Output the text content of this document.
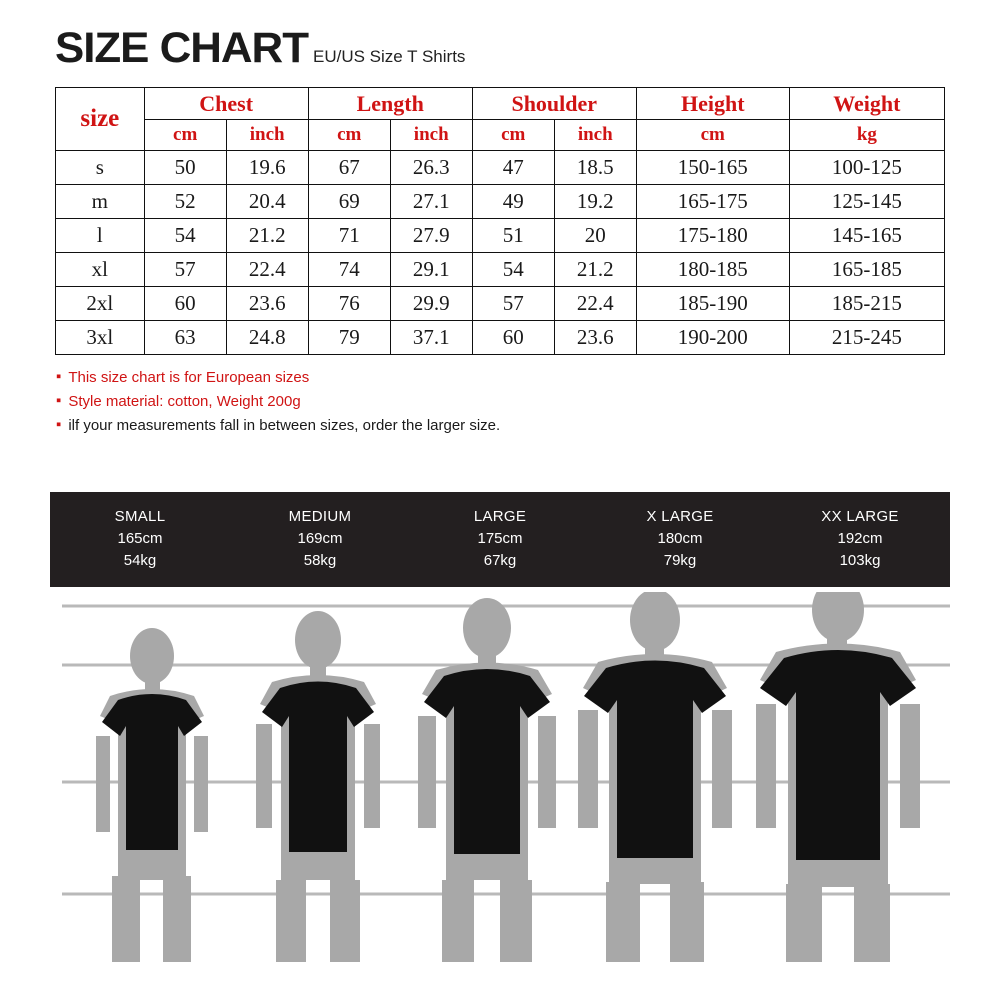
SIZE CHART EU/US Size T Shirts
size	Chest		Length		Shoulder		Height	Weight
	cm	inch	cm	inch	cm	inch	cm	kg
s	50	19.6	67	26.3	47	18.5	150-165	100-125
m	52	20.4	69	27.1	49	19.2	165-175	125-145
l	54	21.2	71	27.9	51	20	175-180	145-165
xl	57	22.4	74	29.1	54	21.2	180-185	165-185
2xl	60	23.6	76	29.9	57	22.4	185-190	185-215
3xl	63	24.8	79	37.1	60	23.6	190-200	215-245
▪ This size chart is for European sizes
▪ Style material: cotton, Weight 200g
▪ ilf your measurements fall in between sizes, order the larger size.
SMALL
165cm
54kg
MEDIUM
169cm
58kg
LARGE
175cm
67kg
X LARGE
180cm
79kg
XX LARGE
192cm
103kg
